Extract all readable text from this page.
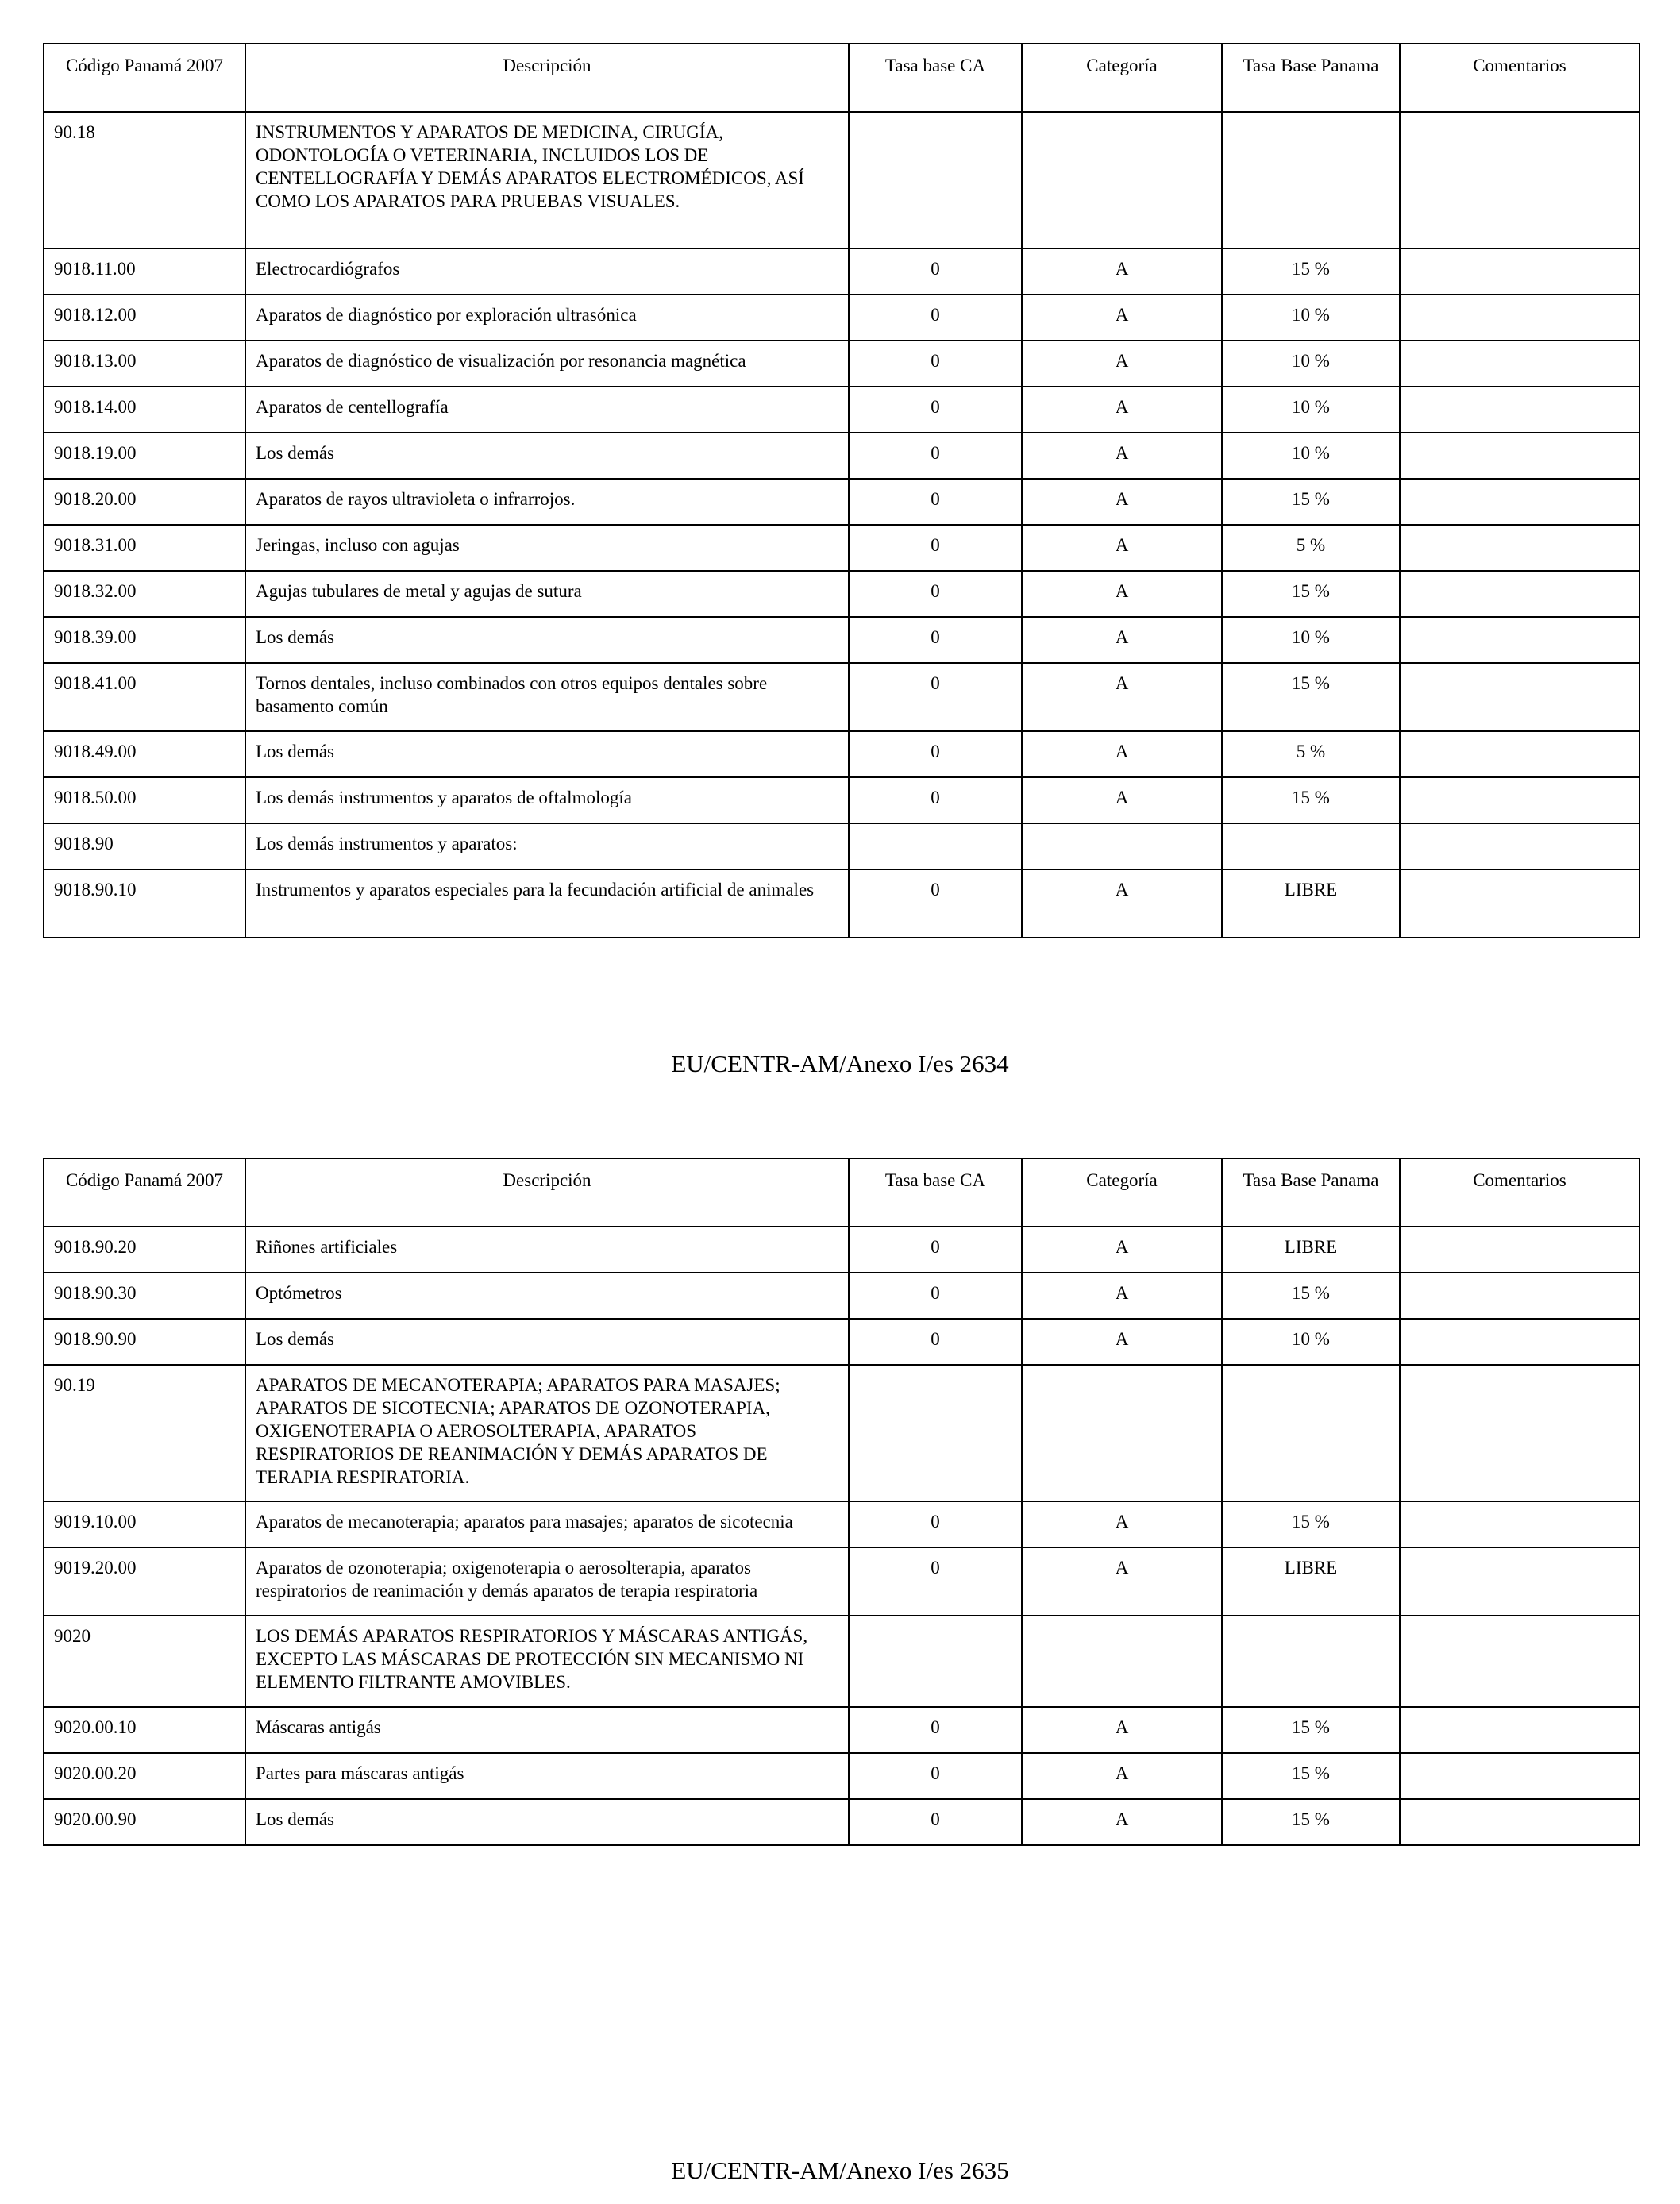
Código Panamá 2007	Descripción	Tasa base CA	Categoría	Tasa Base Panama	Comentarios
90.18	INSTRUMENTOS Y APARATOS DE MEDICINA, CIRUGÍA, ODONTOLOGÍA O VETERINARIA, INCLUIDOS LOS DE CENTELLOGRAFÍA Y DEMÁS APARATOS ELECTROMÉDICOS, ASÍ COMO LOS APARATOS PARA PRUEBAS VISUALES.				
9018.11.00	Electrocardiógrafos	0	A	15 %	
9018.12.00	Aparatos de diagnóstico por exploración ultrasónica	0	A	10 %	
9018.13.00	Aparatos de diagnóstico de visualización por resonancia magnética	0	A	10 %	
9018.14.00	Aparatos de centellografía	0	A	10 %	
9018.19.00	Los demás	0	A	10 %	
9018.20.00	Aparatos de rayos ultravioleta o infrarrojos.	0	A	15 %	
9018.31.00	Jeringas, incluso con agujas	0	A	5 %	
9018.32.00	Agujas tubulares de metal y agujas de sutura	0	A	15 %	
9018.39.00	Los demás	0	A	10 %	
9018.41.00	Tornos dentales, incluso combinados con otros equipos dentales sobre basamento común	0	A	15 %	
9018.49.00	Los demás	0	A	5 %	
9018.50.00	Los demás instrumentos y aparatos de oftalmología	0	A	15 %	
9018.90	Los demás instrumentos y aparatos:				
9018.90.10	Instrumentos y aparatos especiales para la fecundación artificial de animales	0	A	LIBRE	
EU/CENTR-AM/Anexo I/es 2634
Código Panamá 2007	Descripción	Tasa base CA	Categoría	Tasa Base Panama	Comentarios
9018.90.20	Riñones artificiales	0	A	LIBRE	
9018.90.30	Optómetros	0	A	15 %	
9018.90.90	Los demás	0	A	10 %	
90.19	APARATOS DE MECANOTERAPIA; APARATOS PARA MASAJES; APARATOS DE SICOTECNIA; APARATOS DE OZONOTERAPIA, OXIGENOTERAPIA O AEROSOLTERAPIA, APARATOS RESPIRATORIOS DE REANIMACIÓN Y DEMÁS APARATOS DE TERAPIA RESPIRATORIA.				
9019.10.00	Aparatos de mecanoterapia; aparatos para masajes; aparatos de sicotecnia	0	A	15 %	
9019.20.00	Aparatos de ozonoterapia; oxigenoterapia o aerosolterapia, aparatos respiratorios de reanimación y demás aparatos de terapia respiratoria	0	A	LIBRE	
9020	LOS DEMÁS APARATOS RESPIRATORIOS Y MÁSCARAS ANTIGÁS, EXCEPTO LAS MÁSCARAS DE PROTECCIÓN SIN MECANISMO NI ELEMENTO FILTRANTE AMOVIBLES.				
9020.00.10	Máscaras antigás	0	A	15 %	
9020.00.20	Partes para máscaras antigás	0	A	15 %	
9020.00.90	Los demás	0	A	15 %	
EU/CENTR-AM/Anexo I/es 2635
